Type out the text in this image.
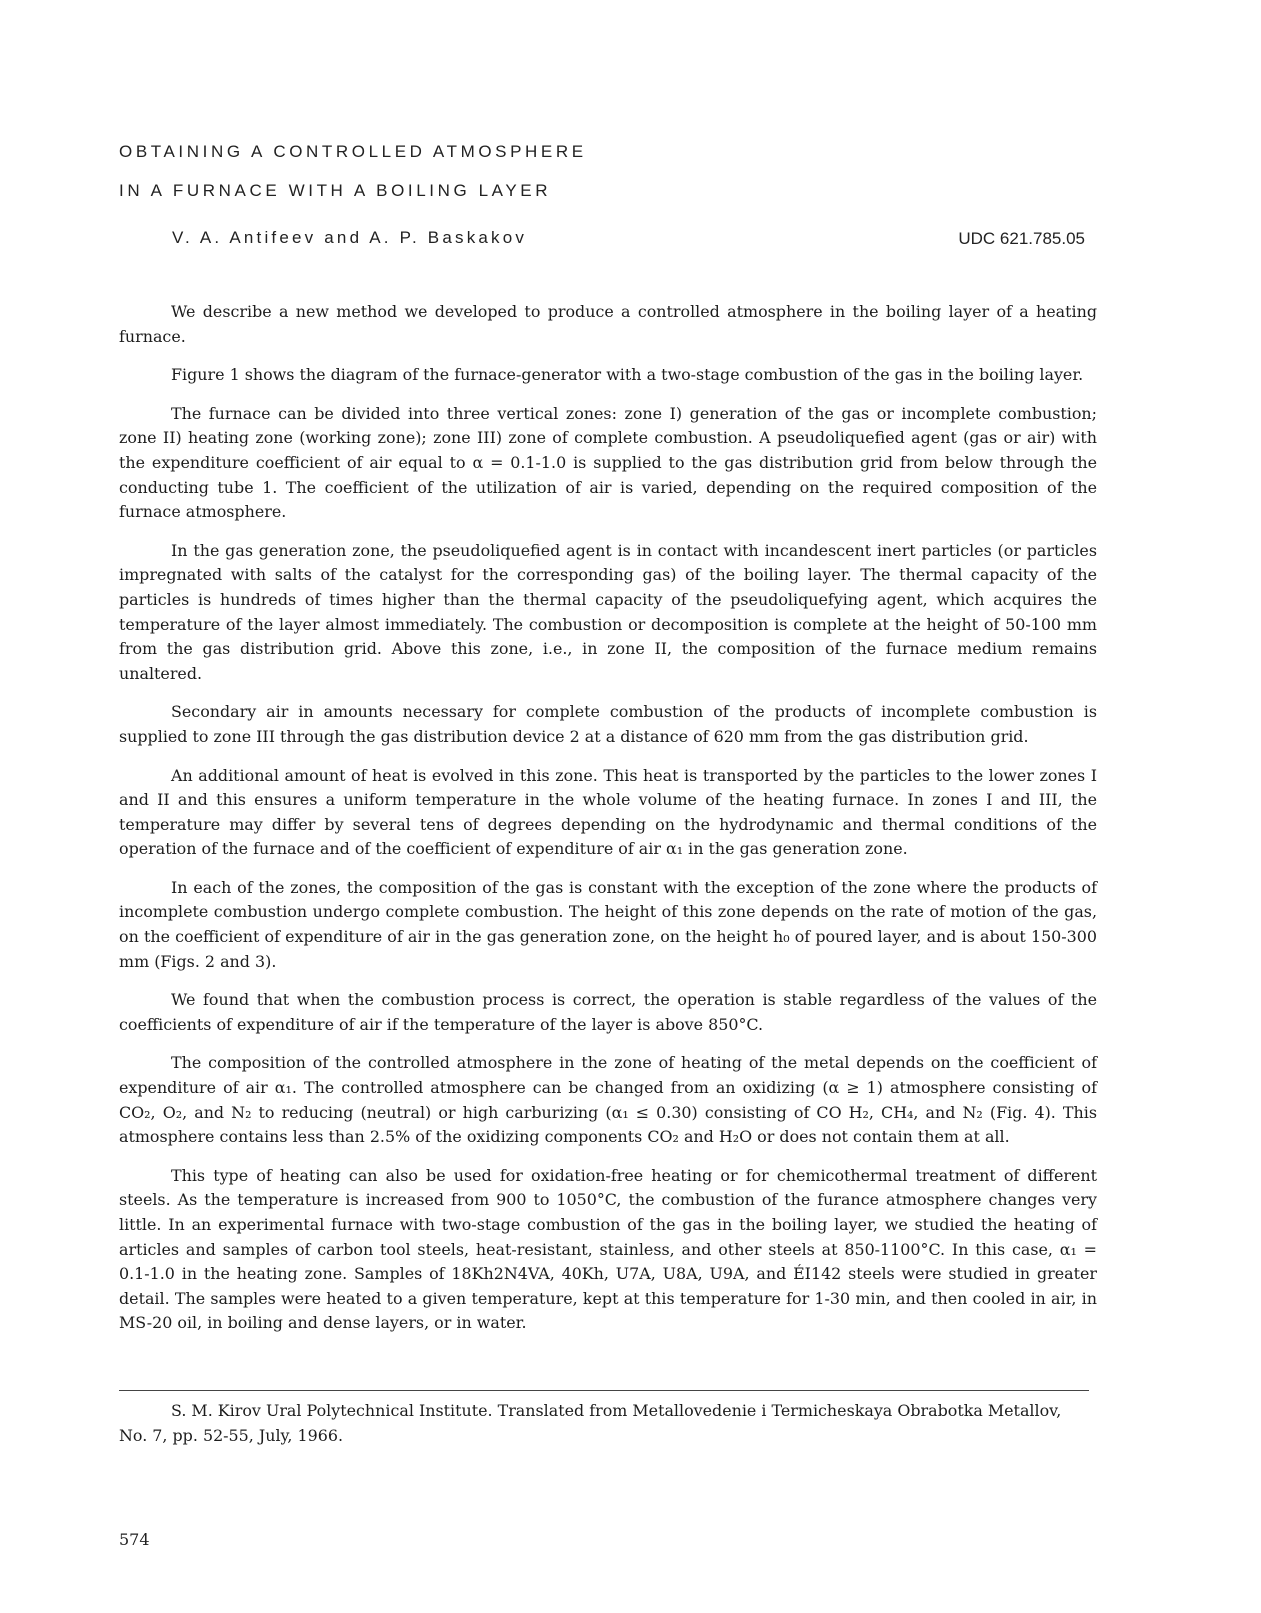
OBTAINING A CONTROLLED ATMOSPHERE
IN A FURNACE WITH A BOILING LAYER
V. A. Antifeev and A. P. Baskakov	UDC 621.785.05

We describe a new method we developed to produce a controlled atmosphere in the boiling layer of a heating furnace.

Figure 1 shows the diagram of the furnace-generator with a two-stage combustion of the gas in the boiling layer.

The furnace can be divided into three vertical zones: zone I) generation of the gas or incomplete combustion; zone II) heating zone (working zone); zone III) zone of complete combustion. A pseudoliquefied agent (gas or air) with the expenditure coefficient of air equal to α = 0.1-1.0 is supplied to the gas distribution grid from below through the conducting tube 1. The coefficient of the utilization of air is varied, depending on the required composition of the furnace atmosphere.

In the gas generation zone, the pseudoliquefied agent is in contact with incandescent inert particles (or particles impregnated with salts of the catalyst for the corresponding gas) of the boiling layer. The thermal capacity of the particles is hundreds of times higher than the thermal capacity of the pseudoliquefying agent, which acquires the temperature of the layer almost immediately. The combustion or decomposition is complete at the height of 50-100 mm from the gas distribution grid. Above this zone, i.e., in zone II, the composition of the furnace medium remains unaltered.

Secondary air in amounts necessary for complete combustion of the products of incomplete combustion is supplied to zone III through the gas distribution device 2 at a distance of 620 mm from the gas distribution grid.

An additional amount of heat is evolved in this zone. This heat is transported by the particles to the lower zones I and II and this ensures a uniform temperature in the whole volume of the heating furnace. In zones I and III, the temperature may differ by several tens of degrees depending on the hydrodynamic and thermal conditions of the operation of the furnace and of the coefficient of expenditure of air α₁ in the gas generation zone.

In each of the zones, the composition of the gas is constant with the exception of the zone where the products of incomplete combustion undergo complete combustion. The height of this zone depends on the rate of motion of the gas, on the coefficient of expenditure of air in the gas generation zone, on the height h₀ of poured layer, and is about 150-300 mm (Figs. 2 and 3).

We found that when the combustion process is correct, the operation is stable regardless of the values of the coefficients of expenditure of air if the temperature of the layer is above 850°C.

The composition of the controlled atmosphere in the zone of heating of the metal depends on the coefficient of expenditure of air α₁. The controlled atmosphere can be changed from an oxidizing (α ≥ 1) atmosphere consisting of CO₂, O₂, and N₂ to reducing (neutral) or high carburizing (α₁ ≤ 0.30) consisting of CO H₂, CH₄, and N₂ (Fig. 4). This atmosphere contains less than 2.5% of the oxidizing components CO₂ and H₂O or does not contain them at all.

This type of heating can also be used for oxidation-free heating or for chemicothermal treatment of different steels. As the temperature is increased from 900 to 1050°C, the combustion of the furance atmosphere changes very little. In an experimental furnace with two-stage combustion of the gas in the boiling layer, we studied the heating of articles and samples of carbon tool steels, heat-resistant, stainless, and other steels at 850-1100°C. In this case, α₁ = 0.1-1.0 in the heating zone. Samples of 18Kh2N4VA, 40Kh, U7A, U8A, U9A, and ÉI142 steels were studied in greater detail. The samples were heated to a given temperature, kept at this temperature for 1-30 min, and then cooled in air, in MS-20 oil, in boiling and dense layers, or in water.

S. M. Kirov Ural Polytechnical Institute. Translated from Metallovedenie i Termicheskaya Obrabotka Metallov, No. 7, pp. 52-55, July, 1966.

574
